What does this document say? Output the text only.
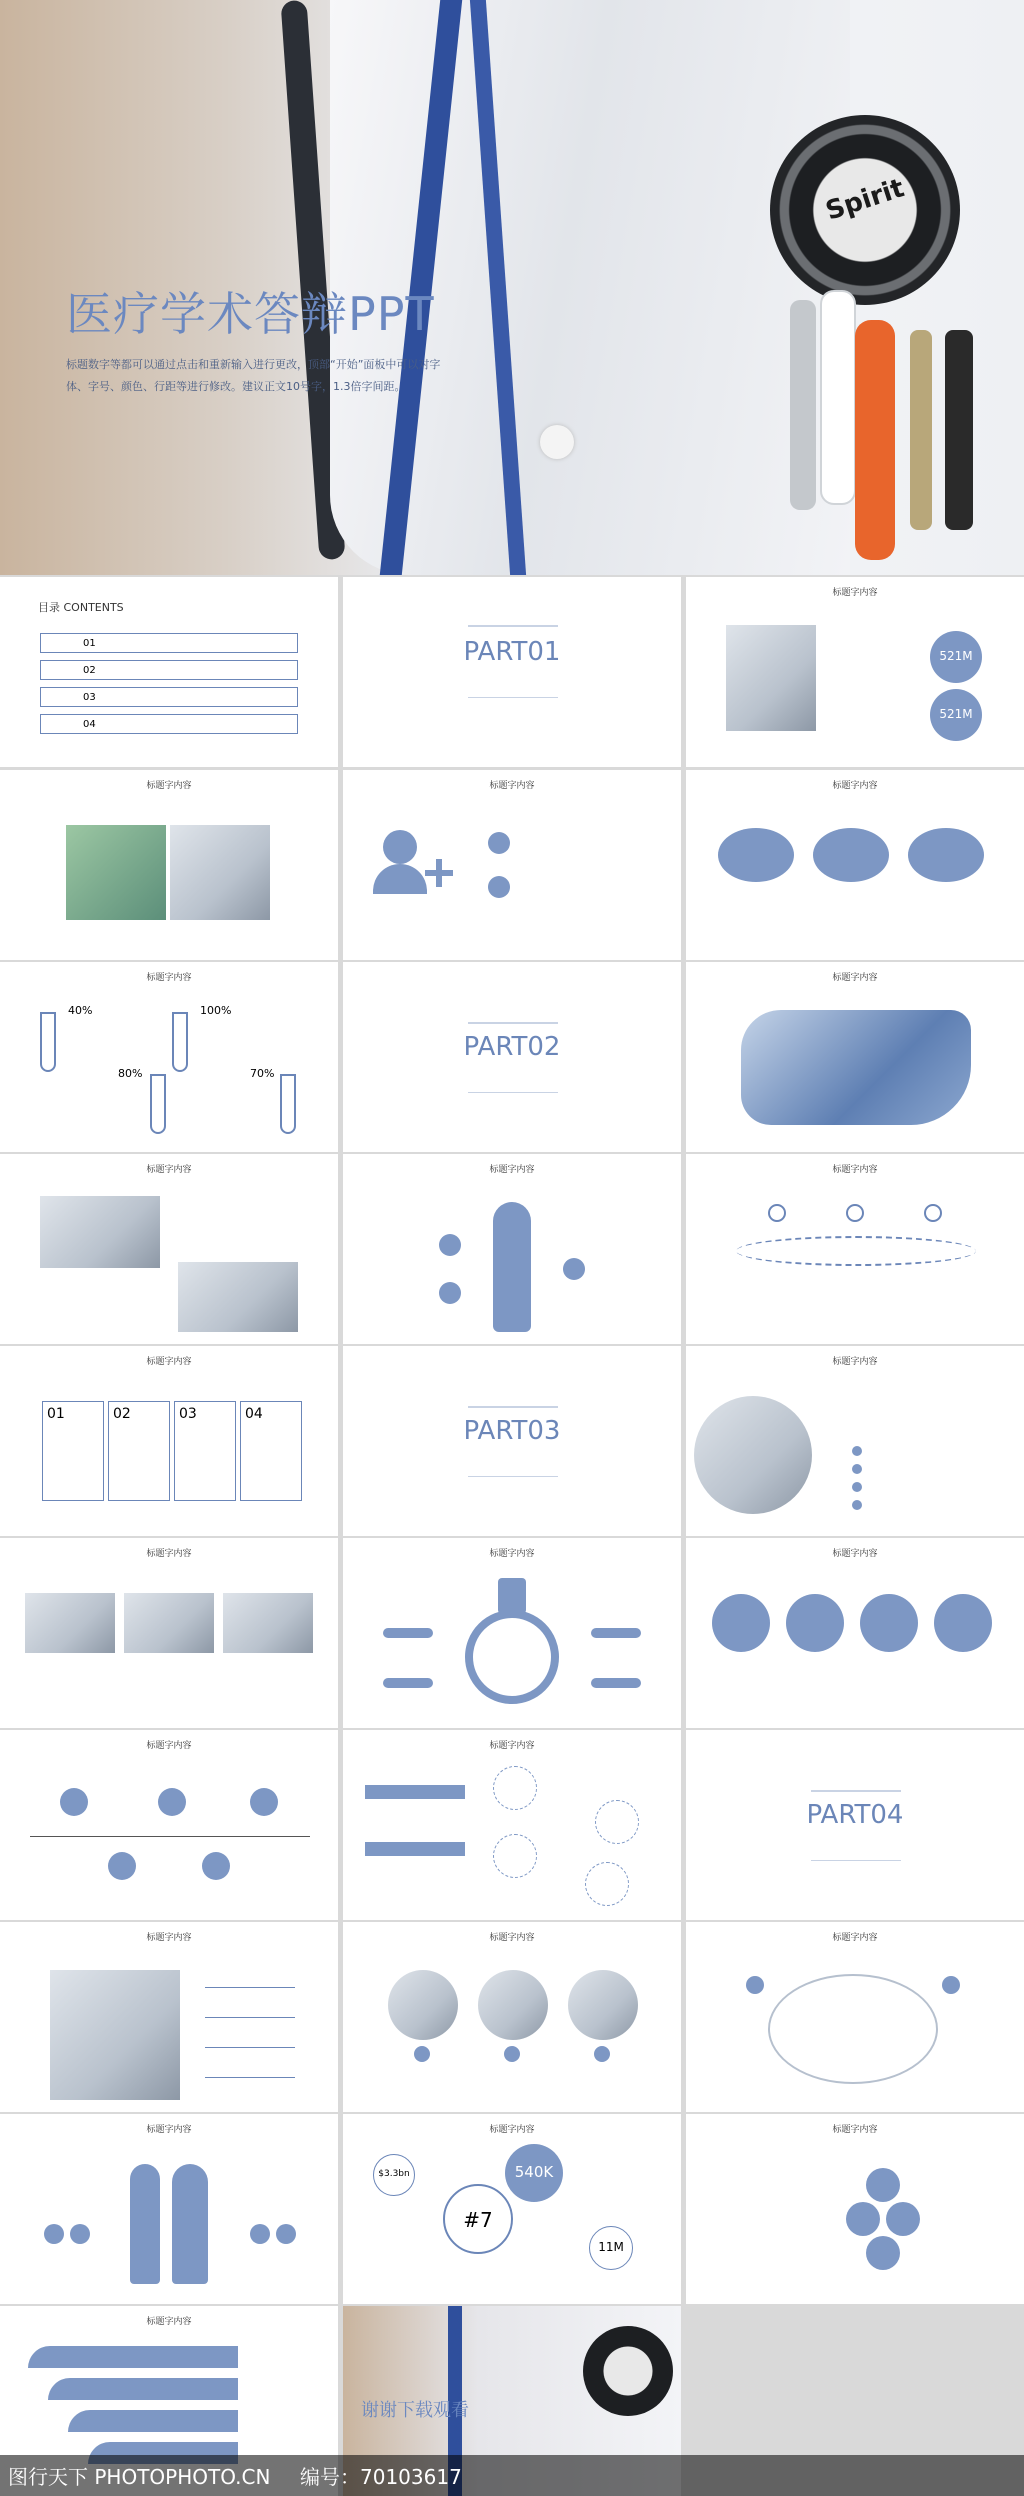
Spirit
医疗学术答辩PPT
标题数字等都可以通过点击和重新输入进行更改，顶部“开始”面板中可以对字体、字号、颜色、行距等进行修改。建议正文10号字，1.3倍字间距。
目录 CONTENTS
01
02
03
04
PART01
标题字内容
521M
521M
标题字内容	标题字内容	标题字内容
标题字内容
40%	100%
80%	70%
PART02
标题字内容
标题字内容	标题字内容	标题字内容
标题字内容
01	02	03	04
PART03
标题字内容
标题字内容	标题字内容	标题字内容
标题字内容	标题字内容
PART04
标题字内容	标题字内容	标题字内容
标题字内容	标题字内容
$3.3bn
#7
540K
11M
标题字内容
标题字内容
谢谢下载观看
图行天下 PHOTOPHOTO.CN 编号：70103617
